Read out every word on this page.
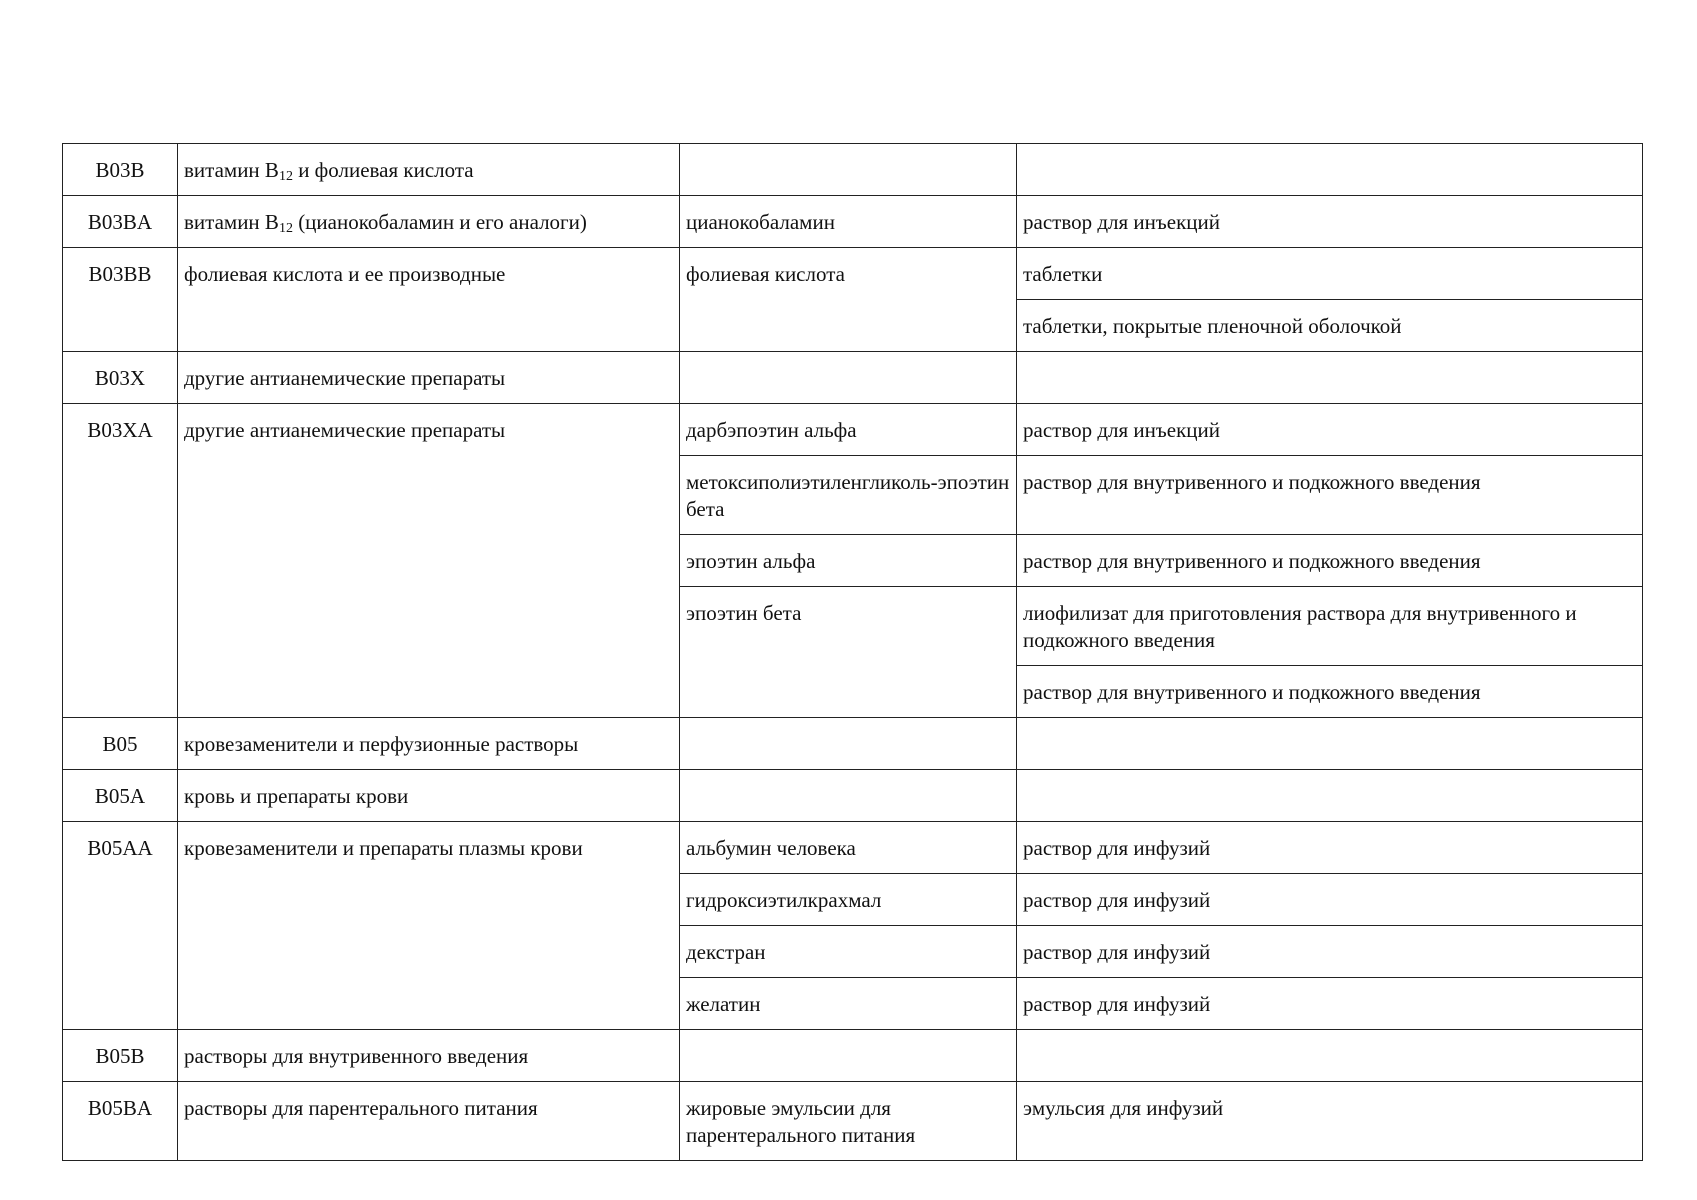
B03B	витамин $B_{12}$ и фолиевая кислота		
B03BA	витамин $B_{12}$ (цианокобаламин и его аналоги)	цианокобаламин	раствор для инъекций
B03BB	фолиевая кислота и ее производные	фолиевая кислота	таблетки
			таблетки, покрытые пленочной оболочкой
B03X	другие антианемические препараты		
B03XA	другие антианемические препараты	дарбэпоэтин альфа	раствор для инъекций
		метоксиполиэтиленгликоль-эпоэтин бета	раствор для внутривенного и подкожного введения
		эпоэтин альфа	раствор для внутривенного и подкожного введения
		эпоэтин бета	лиофилизат для приготовления раствора для внутривенного и подкожного введения
			раствор для внутривенного и подкожного введения
B05	кровезаменители и перфузионные растворы		
B05A	кровь и препараты крови		
B05AA	кровезаменители и препараты плазмы крови	альбумин человека	раствор для инфузий
		гидроксиэтилкрахмал	раствор для инфузий
		декстран	раствор для инфузий
		желатин	раствор для инфузий
B05B	растворы для внутривенного введения		
B05BA	растворы для парентерального питания	жировые эмульсии для парентерального питания	эмульсия для инфузий
